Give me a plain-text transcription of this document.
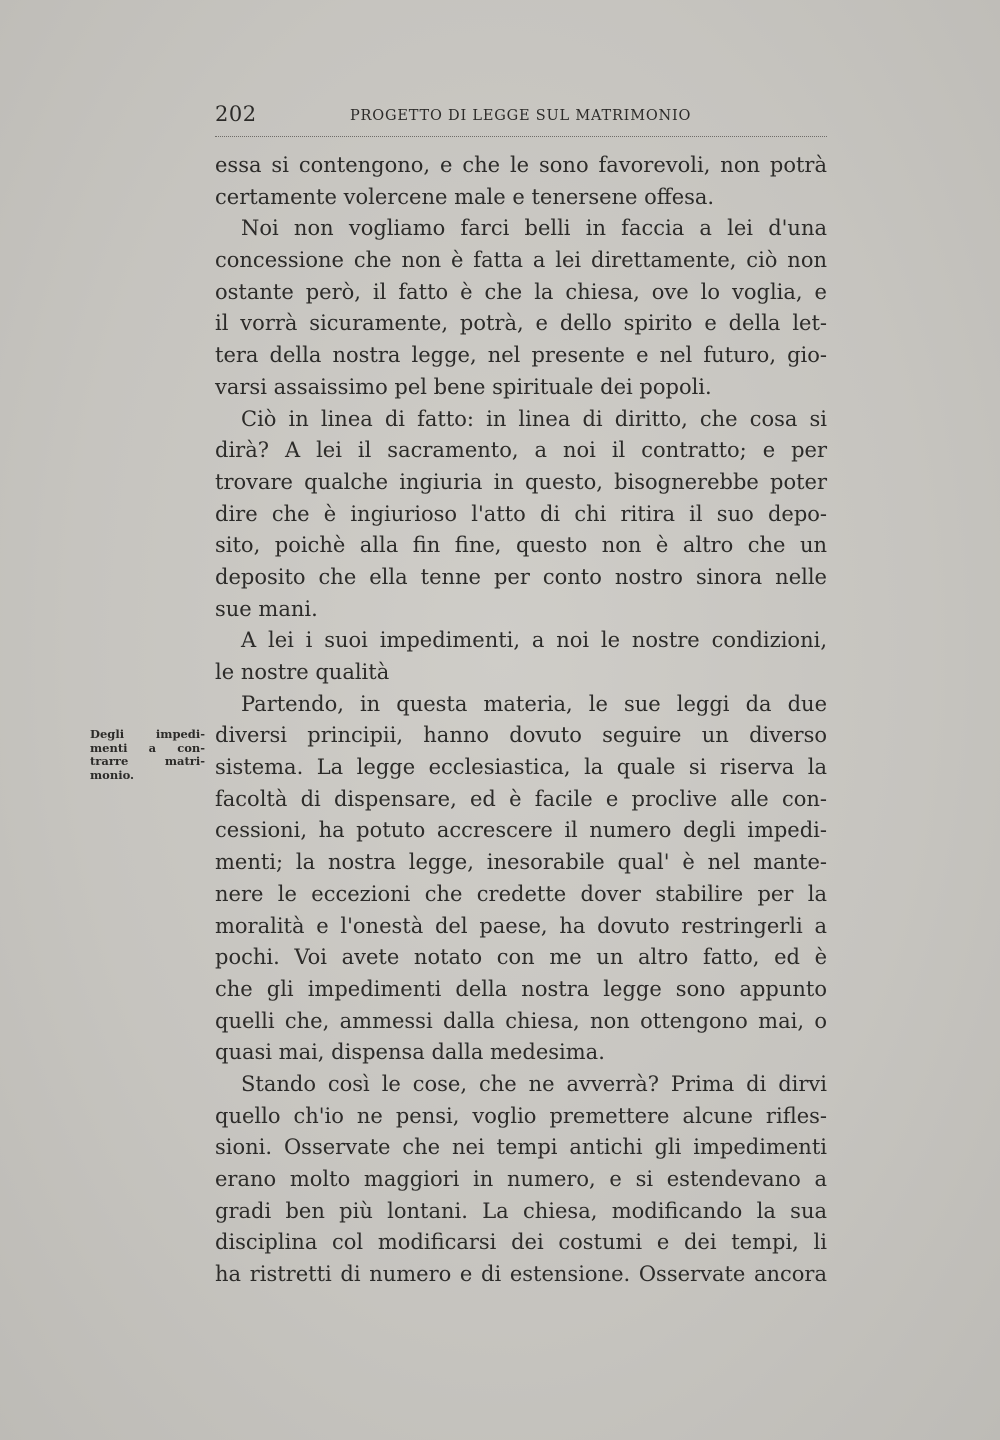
202	PROGETTO DI LEGGE SUL MATRIMONIO
Degli impedi-
menti a con-
trarre matri-
monio.
essa si contengono, e che le sono favorevoli, non potrà
certamente volercene male e tenersene offesa.
Noi non vogliamo farci belli in faccia a lei d'una
concessione che non è fatta a lei direttamente, ciò non
ostante però, il fatto è che la chiesa, ove lo voglia, e
il vorrà sicuramente, potrà, e dello spirito e della let-
tera della nostra legge, nel presente e nel futuro, gio-
varsi assaissimo pel bene spirituale dei popoli.
Ciò in linea di fatto: in linea di diritto, che cosa si
dirà? A lei il sacramento, a noi il contratto; e per
trovare qualche ingiuria in questo, bisognerebbe poter
dire che è ingiurioso l'atto di chi ritira il suo depo-
sito, poichè alla fin fine, questo non è altro che un
deposito che ella tenne per conto nostro sinora nelle
sue mani.
A lei i suoi impedimenti, a noi le nostre condizioni,
le nostre qualità
Partendo, in questa materia, le sue leggi da due
diversi principii, hanno dovuto seguire un diverso
sistema. La legge ecclesiastica, la quale si riserva la
facoltà di dispensare, ed è facile e proclive alle con-
cessioni, ha potuto accrescere il numero degli impedi-
menti; la nostra legge, inesorabile qual' è nel mante-
nere le eccezioni che credette dover stabilire per la
moralità e l'onestà del paese, ha dovuto restringerli a
pochi. Voi avete notato con me un altro fatto, ed è
che gli impedimenti della nostra legge sono appunto
quelli che, ammessi dalla chiesa, non ottengono mai, o
quasi mai, dispensa dalla medesima.
Stando così le cose, che ne avverrà? Prima di dirvi
quello ch'io ne pensi, voglio premettere alcune rifles-
sioni. Osservate che nei tempi antichi gli impedimenti
erano molto maggiori in numero, e si estendevano a
gradi ben più lontani. La chiesa, modificando la sua
disciplina col modificarsi dei costumi e dei tempi, li
ha ristretti di numero e di estensione. Osservate ancora
